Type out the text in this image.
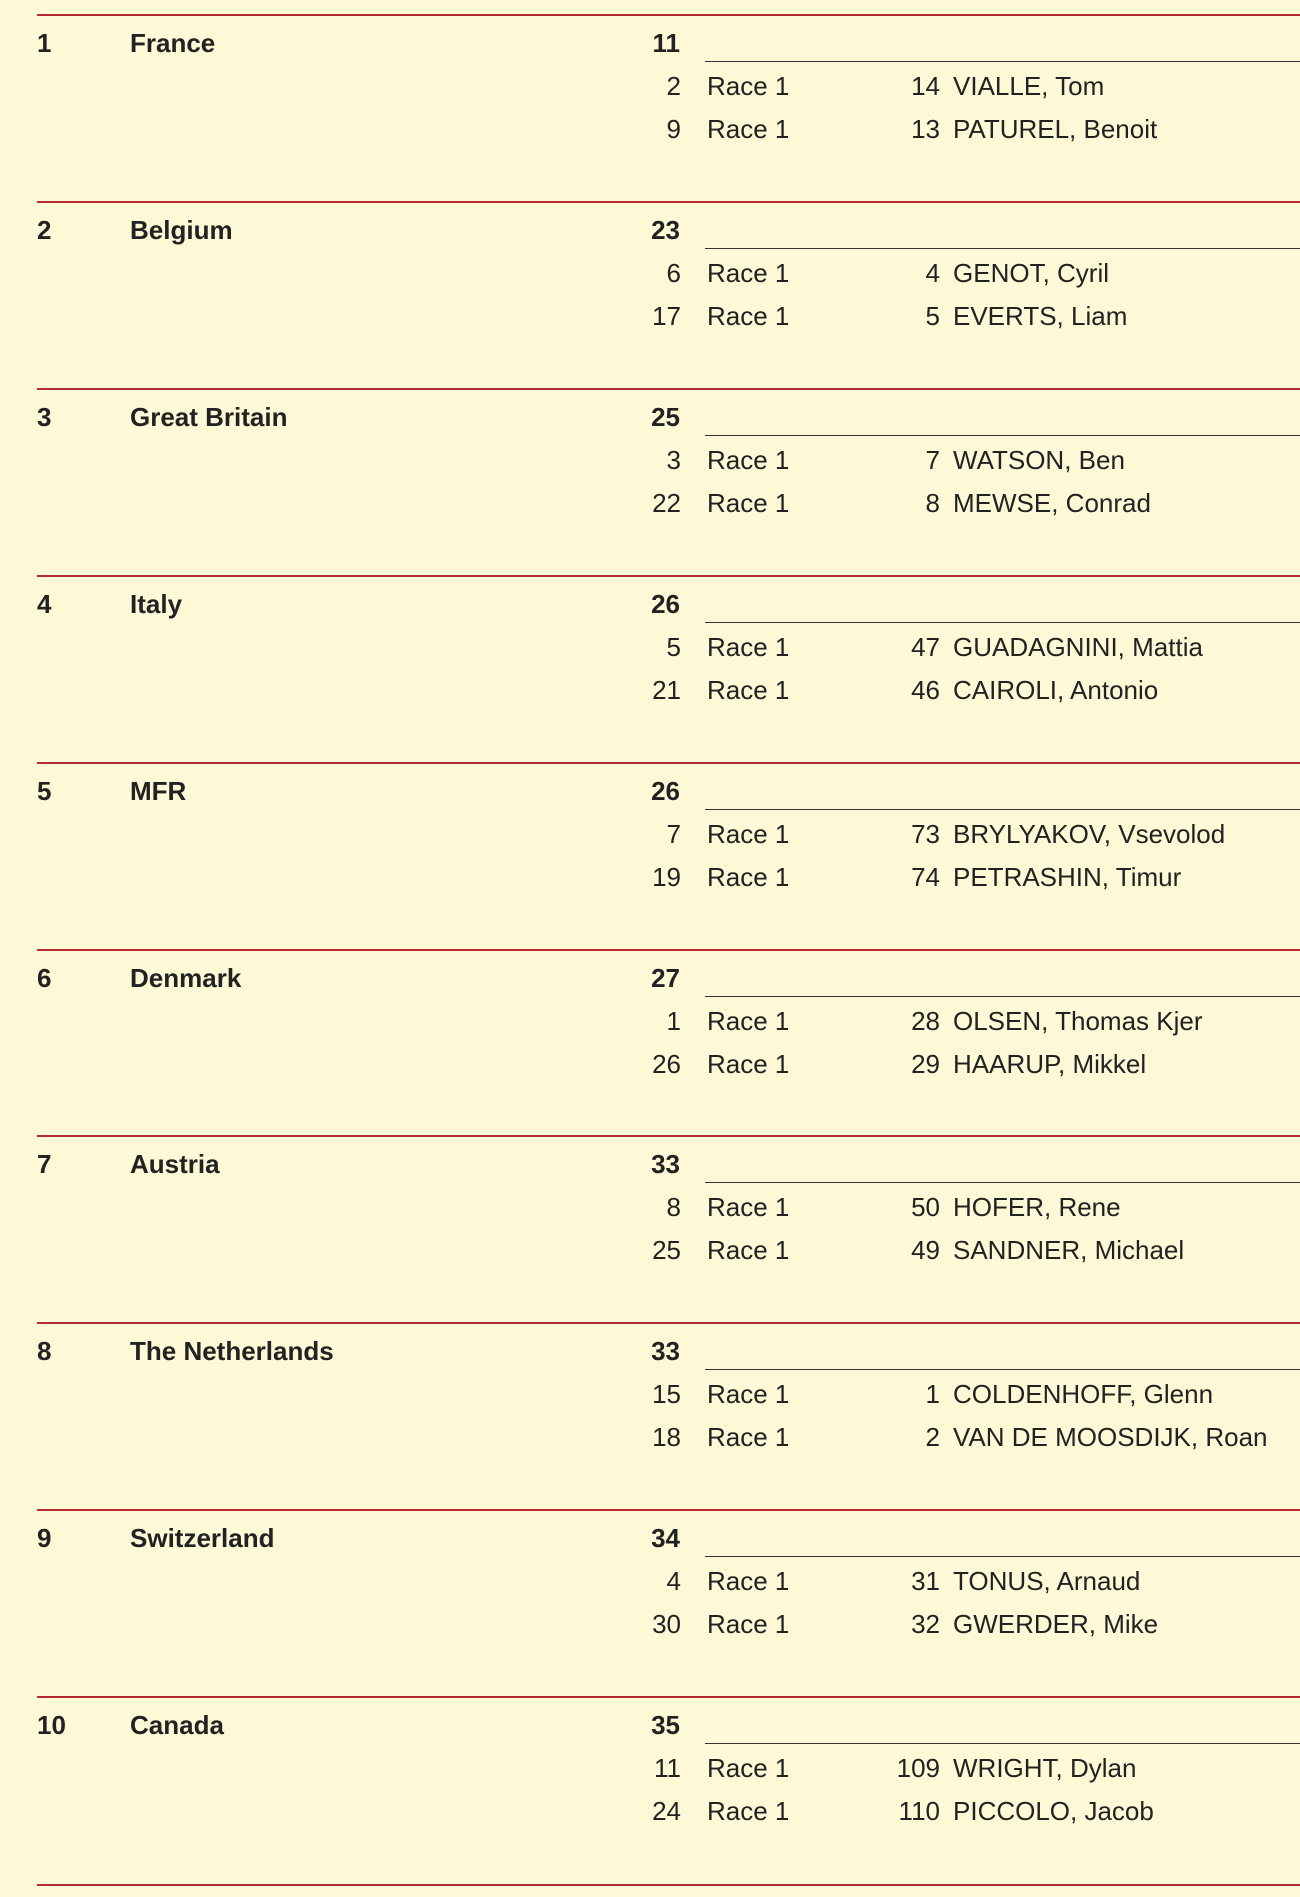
1	France	11
2 Race 1	14 VIALLE, Tom
9 Race 1	13 PATUREL, Benoit
2	Belgium	23
6 Race 1	4 GENOT, Cyril
17 Race 1	5 EVERTS, Liam
3	Great Britain	25
3 Race 1	7 WATSON, Ben
22 Race 1	8 MEWSE, Conrad
4	Italy	26
5 Race 1	47 GUADAGNINI, Mattia
21 Race 1	46 CAIROLI, Antonio
5	MFR	26
7 Race 1	73 BRYLYAKOV, Vsevolod
19 Race 1	74 PETRASHIN, Timur
6	Denmark	27
1 Race 1	28 OLSEN, Thomas Kjer
26 Race 1	29 HAARUP, Mikkel
7	Austria	33
8 Race 1	50 HOFER, Rene
25 Race 1	49 SANDNER, Michael
8	The Netherlands	33
15 Race 1	1 COLDENHOFF, Glenn
18 Race 1	2 VAN DE MOOSDIJK, Roan
9	Switzerland	34
4 Race 1	31 TONUS, Arnaud
30 Race 1	32 GWERDER, Mike
10 Canada	35
11 Race 1	109 WRIGHT, Dylan
24 Race 1	110 PICCOLO, Jacob
